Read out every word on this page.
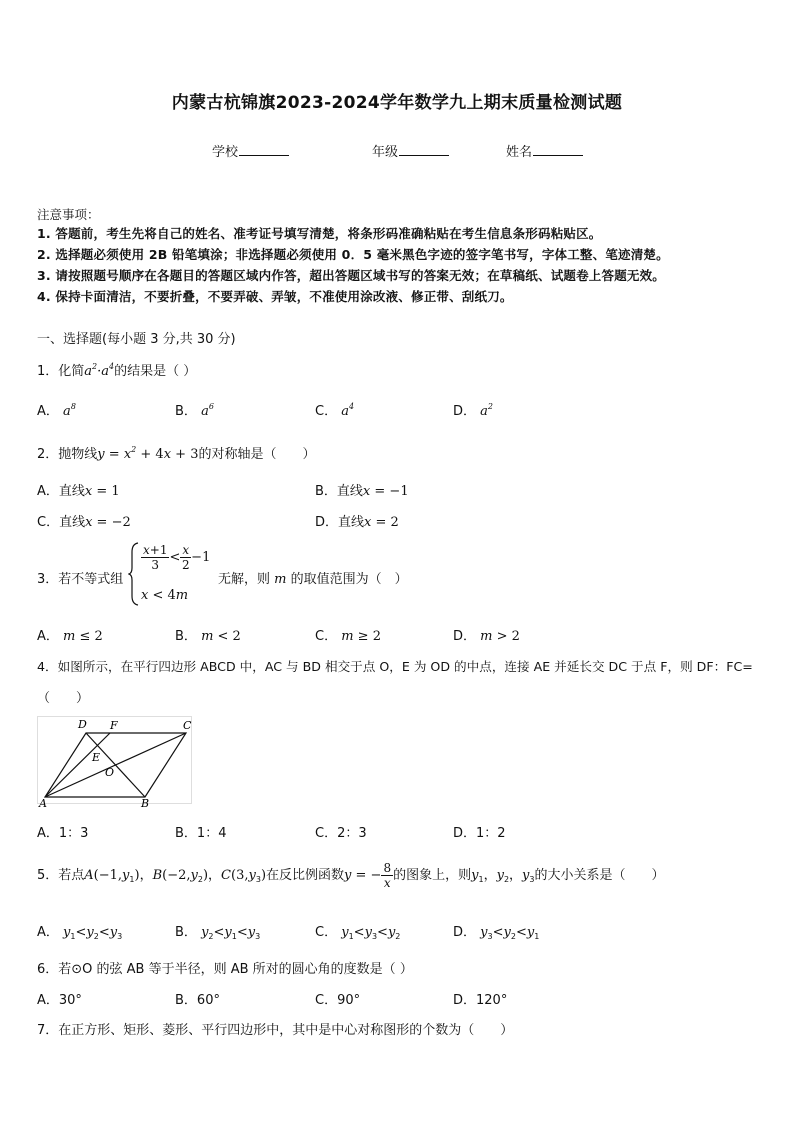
内蒙古杭锦旗2023-2024学年数学九上期末质量检测试题
学校	年级	姓名
注意事项：
1. 答题前，考生先将自己的姓名、准考证号填写清楚，将条形码准确粘贴在考生信息条形码粘贴区。
2. 选择题必须使用 2B 铅笔填涂；非选择题必须使用 0．5 毫米黑色字迹的签字笔书写，字体工整、笔迹清楚。
3. 请按照题号顺序在各题目的答题区域内作答，超出答题区域书写的答案无效；在草稿纸、试题卷上答题无效。
4. 保持卡面清洁，不要折叠，不要弄破、弄皱，不准使用涂改液、修正带、刮纸刀。
一、选择题(每小题 3 分,共 30 分)
1．化简$a^2\cdot a^4$的结果是（ ）
A． $a^8$	B． $a^6$	C． $a^4$	D． $a^2$
2．抛物线$y = x^2 + 4x + 3$的对称轴是（　　）
A．直线x = 1	B．直线x = −1
C．直线x = −2	D．直线x = 2
3．若不等式组
$\frac{x+1}{3} < \frac{x}{2} -1$
x < 4m
无解，则 m 的取值范围为（　）
A． m ≤ 2	B． m < 2	C． m ≥ 2	D． m > 2
4．如图所示，在平行四边形 ABCD 中，AC 与 BD 相交于点 O，E 为 OD 的中点，连接 AE 并延长交 DC 于点 F，则 DF：FC=
（　　）
A	B
C
D
E
F
O
A．1：3	B．1：4	C．2：3	D．1：2
5．若点$A(-1,y_1)$，$B(-2,y_2)$，$C(3,y_3)$在反比例函数y = − $\frac{8}{x}$ 的图象上，则$y_1$，$y_2$，$y_3$的大小关系是（　　）
A． $y_1<y_2<y_3$	B． $y_2<y_1<y_3$	C． $y_1<y_3<y_2$	D． $y_3<y_2<y_1$
6．若⊙O 的弦 AB 等于半径，则 AB 所对的圆心角的度数是（ ）
A．30°	B．60°	C．90°	D．120°
7．在正方形、矩形、菱形、平行四边形中，其中是中心对称图形的个数为（　　）
